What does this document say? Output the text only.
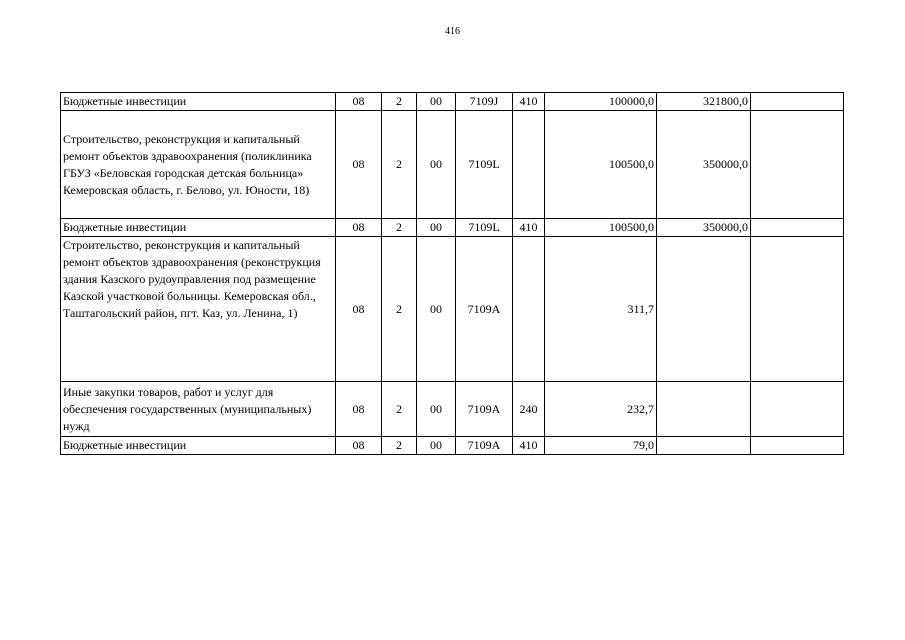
416
Бюджетные инвестиции	08	2	00	7109J	410	100000,0	321800,0	
Строительство, реконструкция и капитальный ремонт объектов здравоохранения (поликлиника ГБУЗ «Беловская городская детская больница» Кемеровская область, г. Белово, ул. Юности, 18)	08	2	00	7109L		100500,0	350000,0	
Бюджетные инвестиции	08	2	00	7109L	410	100500,0	350000,0	
Строительство, реконструкция и капитальный ремонт объектов здравоохранения (реконструкция здания Казского рудоуправления под размещение Казской участковой больницы. Кемеровская обл., Таштагольский район, пгт. Каз, ул. Ленина, 1)	08	2	00	7109А		311,7		
Иные закупки товаров, работ и услуг для обеспечения государственных (муниципальных) нужд	08	2	00	7109А	240	232,7		
Бюджетные инвестиции	08	2	00	7109А	410	79,0		
